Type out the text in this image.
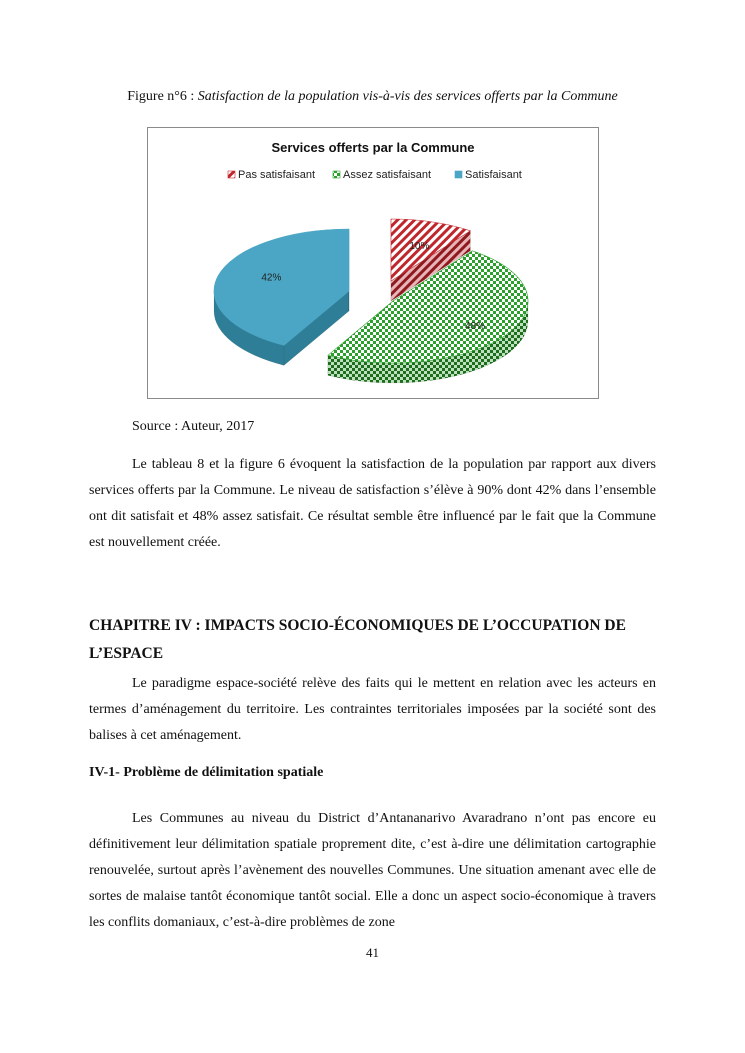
Figure n°6 : Satisfaction de la population vis-à-vis des services offerts par la Commune
Services offerts par la Commune
Pas satisfaisant	Assez satisfaisant	Satisfaisant
10%
48%
42%
Source : Auteur, 2017
Le tableau 8 et la figure 6 évoquent la satisfaction de la population par rapport aux divers services offerts par la Commune. Le niveau de satisfaction s’élève à 90% dont 42% dans l’ensemble ont dit satisfait et 48% assez satisfait. Ce résultat semble être influencé par le fait que la Commune est nouvellement créée.
CHAPITRE IV : IMPACTS SOCIO-ÉCONOMIQUES DE L’OCCUPATION DE L’ESPACE
Le paradigme espace-société relève des faits qui le mettent en relation avec les acteurs en termes d’aménagement du territoire. Les contraintes territoriales imposées par la société sont des balises à cet aménagement.
IV-1- Problème de délimitation spatiale
Les Communes au niveau du District d’Antananarivo Avaradrano n’ont pas encore eu définitivement leur délimitation spatiale proprement dite, c’est à-dire une délimitation cartographie renouvelée, surtout après l’avènement des nouvelles Communes. Une situation amenant avec elle de sortes de malaise tantôt économique tantôt social. Elle a donc un aspect socio-économique à travers les conflits domaniaux, c’est-à-dire problèmes de zone
41
